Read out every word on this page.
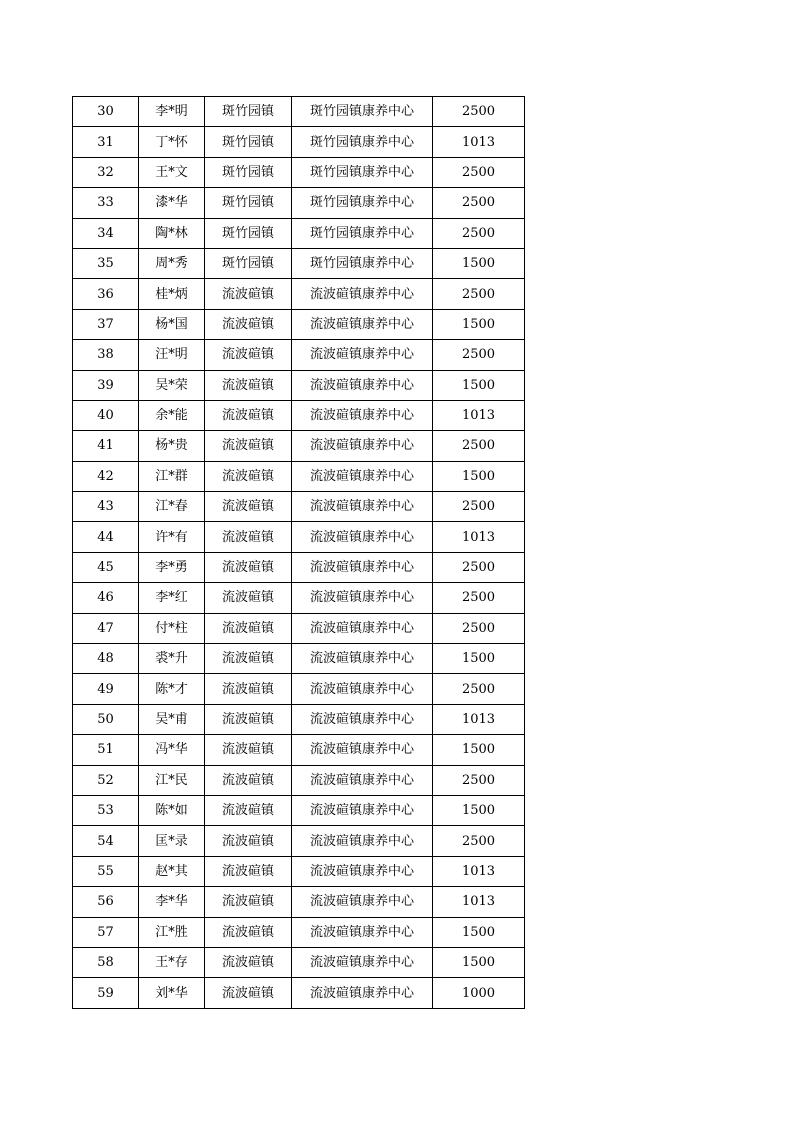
30	李*明	斑竹园镇	斑竹园镇康养中心	2500
31	丁*怀	斑竹园镇	斑竹园镇康养中心	1013
32	王*文	斑竹园镇	斑竹园镇康养中心	2500
33	漆*华	斑竹园镇	斑竹园镇康养中心	2500
34	陶*林	斑竹园镇	斑竹园镇康养中心	2500
35	周*秀	斑竹园镇	斑竹园镇康养中心	1500
36	桂*炳	流波碹镇	流波碹镇康养中心	2500
37	杨*国	流波碹镇	流波碹镇康养中心	1500
38	汪*明	流波碹镇	流波碹镇康养中心	2500
39	吴*荣	流波碹镇	流波碹镇康养中心	1500
40	余*能	流波碹镇	流波碹镇康养中心	1013
41	杨*贵	流波碹镇	流波碹镇康养中心	2500
42	江*群	流波碹镇	流波碹镇康养中心	1500
43	江*春	流波碹镇	流波碹镇康养中心	2500
44	许*有	流波碹镇	流波碹镇康养中心	1013
45	李*勇	流波碹镇	流波碹镇康养中心	2500
46	李*红	流波碹镇	流波碹镇康养中心	2500
47	付*柱	流波碹镇	流波碹镇康养中心	2500
48	裘*升	流波碹镇	流波碹镇康养中心	1500
49	陈*才	流波碹镇	流波碹镇康养中心	2500
50	吴*甫	流波碹镇	流波碹镇康养中心	1013
51	冯*华	流波碹镇	流波碹镇康养中心	1500
52	江*民	流波碹镇	流波碹镇康养中心	2500
53	陈*如	流波碹镇	流波碹镇康养中心	1500
54	匡*录	流波碹镇	流波碹镇康养中心	2500
55	赵*其	流波碹镇	流波碹镇康养中心	1013
56	李*华	流波碹镇	流波碹镇康养中心	1013
57	江*胜	流波碹镇	流波碹镇康养中心	1500
58	王*存	流波碹镇	流波碹镇康养中心	1500
59	刘*华	流波碹镇	流波碹镇康养中心	1000
